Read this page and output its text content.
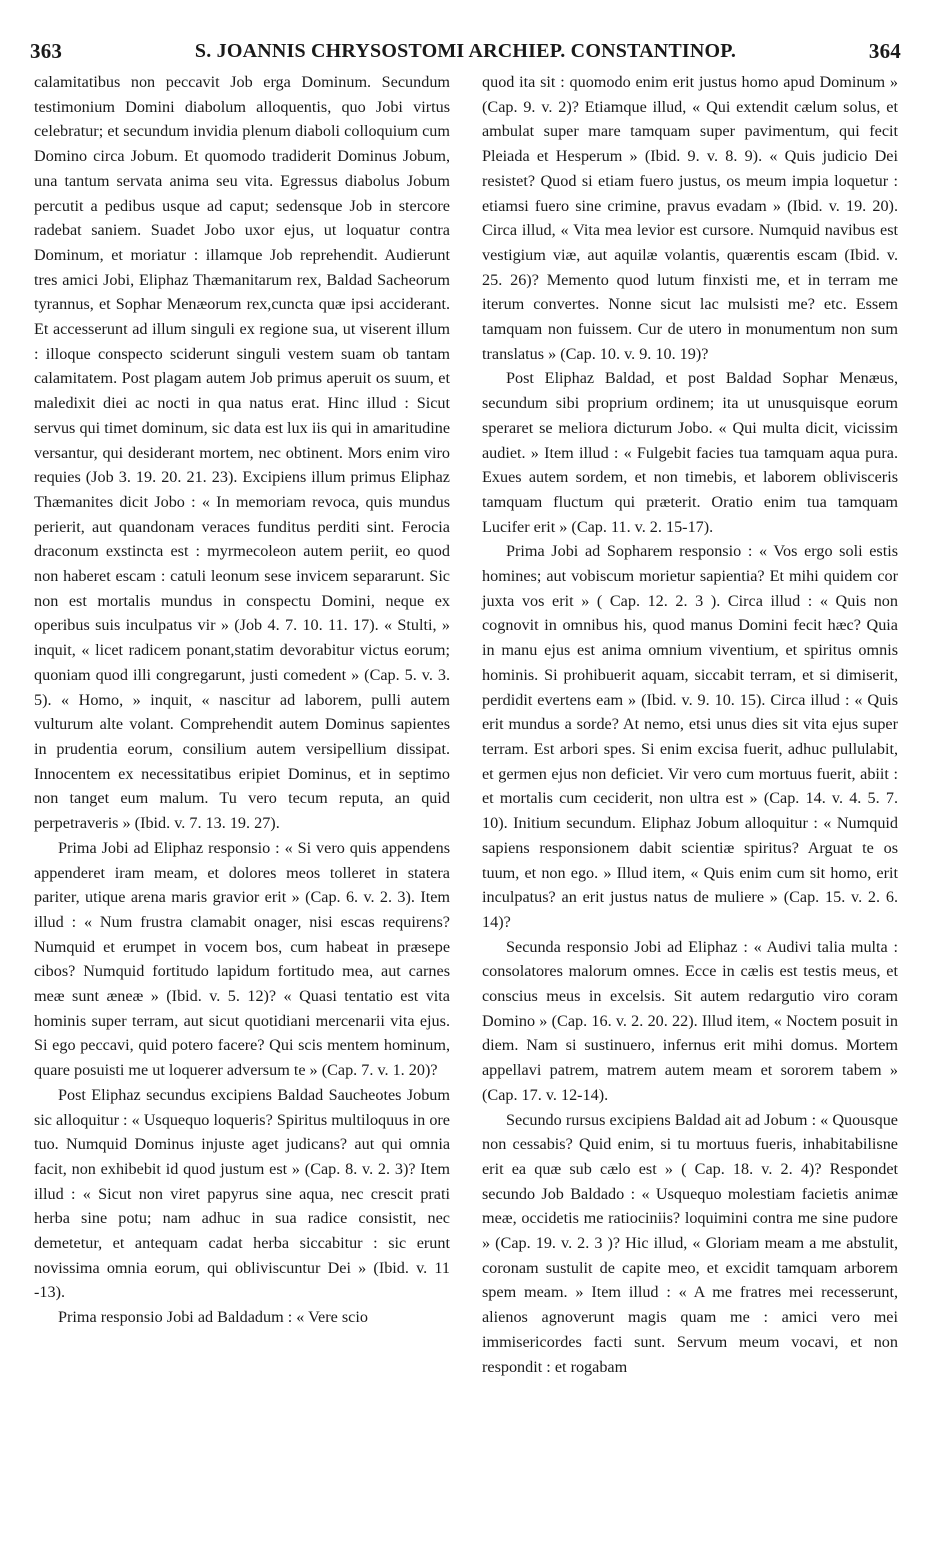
363	S. JOANNIS CHRYSOSTOMI ARCHIEP. CONSTANTINOP.	364

calamitatibus non peccavit Job erga Dominum. Secundum testimonium Domini diabolum alloquentis, quo Jobi virtus celebratur; et secundum invidia plenum diaboli colloquium cum Domino circa Jobum. Et quomodo tradiderit Dominus Jobum, una tantum servata anima seu vita. Egressus diabolus Jobum percutit a pedibus usque ad caput; sedensque Job in stercore radebat saniem. Suadet Jobo uxor ejus, ut loquatur contra Dominum, et moriatur : illamque Job reprehendit. Audierunt tres amici Jobi, Eliphaz Thæmanitarum rex, Baldad Sacheorum tyrannus, et Sophar Menæorum rex,cuncta quæ ipsi acciderant. Et accesserunt ad illum singuli ex regione sua, ut viserent illum : illoque conspecto sciderunt singuli vestem suam ob tantam calamitatem. Post plagam autem Job primus aperuit os suum, et maledixit diei ac nocti in qua natus erat. Hinc illud : Sicut servus qui timet dominum, sic data est lux iis qui in amaritudine versantur, qui desiderant mortem, nec obtinent. Mors enim viro requies (Job 3. 19. 20. 21. 23). Excipiens illum primus Eliphaz Thæmanites dicit Jobo : « In memoriam revoca, quis mundus perierit, aut quandonam veraces funditus perditi sint. Ferocia draconum exstincta est : myrmecoleon autem periit, eo quod non haberet escam : catuli leonum sese invicem separarunt. Sic non est mortalis mundus in conspectu Domini, neque ex operibus suis inculpatus vir » (Job 4. 7. 10. 11. 17). « Stulti, » inquit, « licet radicem ponant,statim devorabitur victus eorum; quoniam quod illi congregarunt, justi comedent » (Cap. 5. v. 3. 5). « Homo, » inquit, « nascitur ad laborem, pulli autem vulturum alte volant. Comprehendit autem Dominus sapientes in prudentia eorum, consilium autem versipellium dissipat. Innocentem ex necessitatibus eripiet Dominus, et in septimo non tanget eum malum. Tu vero tecum reputa, an quid perpetraveris » (Ibid. v. 7. 13. 19. 27).

Prima Jobi ad Eliphaz responsio : « Si vero quis appendens appenderet iram meam, et dolores meos tolleret in statera pariter, utique arena maris gravior erit » (Cap. 6. v. 2. 3). Item illud : « Num frustra clamabit onager, nisi escas requirens? Numquid et erumpet in vocem bos, cum habeat in præsepe cibos? Numquid fortitudo lapidum fortitudo mea, aut carnes meæ sunt æneæ » (Ibid. v. 5. 12)? « Quasi tentatio est vita hominis super terram, aut sicut quotidiani mercenarii vita ejus. Si ego peccavi, quid potero facere? Qui scis mentem hominum, quare posuisti me ut loquerer adversum te » (Cap. 7. v. 1. 20)?

Post Eliphaz secundus excipiens Baldad Saucheotes Jobum sic alloquitur : « Usquequo loqueris? Spiritus multiloquus in ore tuo. Numquid Dominus injuste aget judicans? aut qui omnia facit, non exhibebit id quod justum est » (Cap. 8. v. 2. 3)? Item illud : « Sicut non viret papyrus sine aqua, nec crescit prati herba sine potu; nam adhuc in sua radice consistit, nec demetetur, et antequam cadat herba siccabitur : sic erunt novissima omnia eorum, qui obliviscuntur Dei » (Ibid. v. 11 -13).

Prima responsio Jobi ad Baldadum : « Vere scio

quod ita sit : quomodo enim erit justus homo apud Dominum » (Cap. 9. v. 2)? Etiamque illud, « Qui extendit cælum solus, et ambulat super mare tamquam super pavimentum, qui fecit Pleiada et Hesperum » (Ibid. 9. v. 8. 9). « Quis judicio Dei resistet? Quod si etiam fuero justus, os meum impia loquetur : etiamsi fuero sine crimine, pravus evadam » (Ibid. v. 19. 20). Circa illud, « Vita mea levior est cursore. Numquid navibus est vestigium viæ, aut aquilæ volantis, quærentis escam (Ibid. v. 25. 26)? Memento quod lutum finxisti me, et in terram me iterum convertes. Nonne sicut lac mulsisti me? etc. Essem tamquam non fuissem. Cur de utero in monumentum non sum translatus » (Cap. 10. v. 9. 10. 19)?

Post Eliphaz Baldad, et post Baldad Sophar Menæus, secundum sibi proprium ordinem; ita ut unusquisque eorum speraret se meliora dicturum Jobo. « Qui multa dicit, vicissim audiet. » Item illud : « Fulgebit facies tua tamquam aqua pura. Exues autem sordem, et non timebis, et laborem oblivisceris tamquam fluctum qui præterit. Oratio enim tua tamquam Lucifer erit » (Cap. 11. v. 2. 15-17).

Prima Jobi ad Sopharem responsio : « Vos ergo soli estis homines; aut vobiscum morietur sapientia? Et mihi quidem cor juxta vos erit » ( Cap. 12. 2. 3 ). Circa illud : « Quis non cognovit in omnibus his, quod manus Domini fecit hæc? Quia in manu ejus est anima omnium viventium, et spiritus omnis hominis. Si prohibuerit aquam, siccabit terram, et si dimiserit, perdidit evertens eam » (Ibid. v. 9. 10. 15). Circa illud : « Quis erit mundus a sorde? At nemo, etsi unus dies sit vita ejus super terram. Est arbori spes. Si enim excisa fuerit, adhuc pullulabit, et germen ejus non deficiet. Vir vero cum mortuus fuerit, abiit : et mortalis cum ceciderit, non ultra est » (Cap. 14. v. 4. 5. 7. 10). Initium secundum. Eliphaz Jobum alloquitur : « Numquid sapiens responsionem dabit scientiæ spiritus? Arguat te os tuum, et non ego. » Illud item, « Quis enim cum sit homo, erit inculpatus? an erit justus natus de muliere » (Cap. 15. v. 2. 6. 14)?

Secunda responsio Jobi ad Eliphaz : « Audivi talia multa : consolatores malorum omnes. Ecce in cælis est testis meus, et conscius meus in excelsis. Sit autem redargutio viro coram Domino » (Cap. 16. v. 2. 20. 22). Illud item, « Noctem posuit in diem. Nam si sustinuero, infernus erit mihi domus. Mortem appellavi patrem, matrem autem meam et sororem tabem » (Cap. 17. v. 12-14).

Secundo rursus excipiens Baldad ait ad Jobum : « Quousque non cessabis? Quid enim, si tu mortuus fueris, inhabitabilisne erit ea quæ sub cælo est » ( Cap. 18. v. 2. 4)? Respondet secundo Job Baldado : « Usquequo molestiam facietis animæ meæ, occidetis me ratiociniis? loquimini contra me sine pudore » (Cap. 19. v. 2. 3 )? Hic illud, « Gloriam meam a me abstulit, coronam sustulit de capite meo, et excidit tamquam arborem spem meam. » Item illud : « A me fratres mei recesserunt, alienos agnoverunt magis quam me : amici vero mei immisericordes facti sunt. Servum meum vocavi, et non respondit : et rogabam
